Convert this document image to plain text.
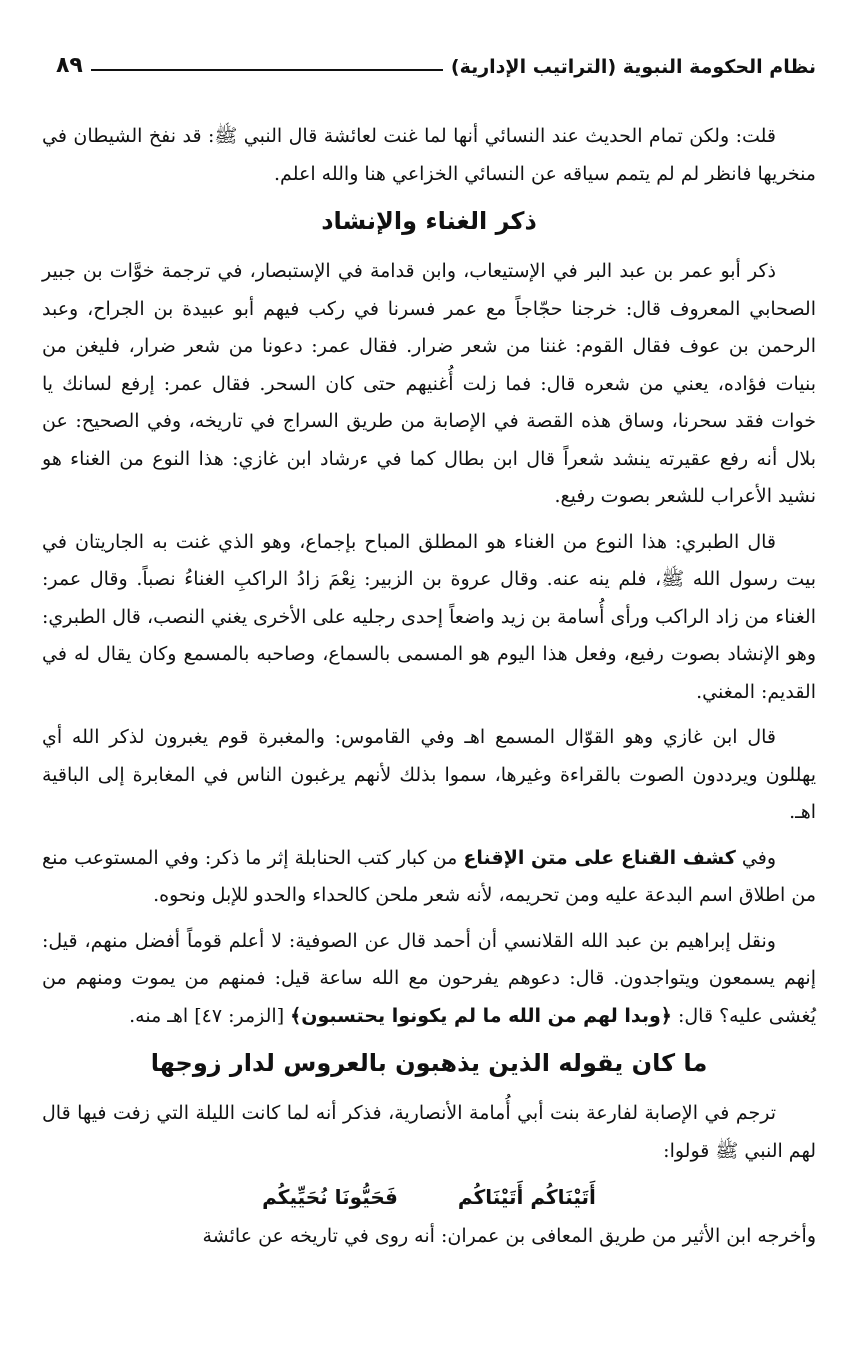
نظام الحكومة النبوية (التراتيب الإدارية)
٨٩

قلت: ولكن تمام الحديث عند النسائي أنها لما غنت لعائشة قال النبي ﷺ: قد نفخ الشيطان في منخريها فانظر لم لم يتمم سياقه عن النسائي الخزاعي هنا والله اعلم.

ذكر الغناء والإنشاد

ذكر أبو عمر بن عبد البر في الإستيعاب، وابن قدامة في الإستبصار، في ترجمة خوَّات بن جبير الصحابي المعروف قال: خرجنا حجّاجاً مع عمر فسرنا في ركب فيهم أبو عبيدة بن الجراح، وعبد الرحمن بن عوف فقال القوم: غننا من شعر ضرار. فقال عمر: دعونا من شعر ضرار، فليغن من بنيات فؤاده، يعني من شعره قال: فما زلت أُغنيهم حتى كان السحر. فقال عمر: إرفع لسانك يا خوات فقد سحرنا، وساق هذه القصة في الإصابة من طريق السراج في تاريخه، وفي الصحيح: عن بلال أنه رفع عقيرته ينشد شعراً قال ابن بطال كما في ءرشاد ابن غازي: هذا النوع من الغناء هو نشيد الأعراب للشعر بصوت رفيع.

قال الطبري: هذا النوع من الغناء هو المطلق المباح بإجماع، وهو الذي غنت به الجاريتان في بيت رسول الله ﷺ، فلم ينه عنه. وقال عروة بن الزبير: نِعْمَ زادُ الراكبِ الغناءُ نصباً. وقال عمر: الغناء من زاد الراكب ورأى أُسامة بن زيد واضعاً إحدى رجليه على الأخرى يغني النصب، قال الطبري: وهو الإنشاد بصوت رفيع، وفعل هذا اليوم هو المسمى بالسماع، وصاحبه بالمسمع وكان يقال له في القديم: المغني.

قال ابن غازي وهو القوّال المسمع اهـ وفي القاموس: والمغبرة قوم يغبرون لذكر الله أي يهللون ويرددون الصوت بالقراءة وغيرها، سموا بذلك لأنهم يرغبون الناس في المغابرة إلى الباقية اهـ.

وفي كشف القناع على متن الإقناع من كبار كتب الحنابلة إثر ما ذكر: وفي المستوعب منع من اطلاق اسم البدعة عليه ومن تحريمه، لأنه شعر ملحن كالحداء والحدو للإبل ونحوه.

ونقل إبراهيم بن عبد الله القلانسي أن أحمد قال عن الصوفية: لا أعلم قوماً أفضل منهم، قيل: إنهم يسمعون ويتواجدون. قال: دعوهم يفرحون مع الله ساعة قيل: فمنهم من يموت ومنهم من يُغشى عليه؟ قال: ﴿وبدا لهم من الله ما لم يكونوا يحتسبون﴾ [الزمر: ٤٧] اهـ منه.

ما كان يقوله الذين يذهبون بالعروس لدار زوجها

ترجم في الإصابة لفارعة بنت أبي أُمامة الأنصارية، فذكر أنه لما كانت الليلة التي زفت فيها قال لهم النبي ﷺ قولوا:

أَتَيْنَاكُم أَتَيْنَاكُم
فَحَيُّونَا نُحَيِّيكُم

وأخرجه ابن الأثير من طريق المعافى بن عمران: أنه روى في تاريخه عن عائشة
